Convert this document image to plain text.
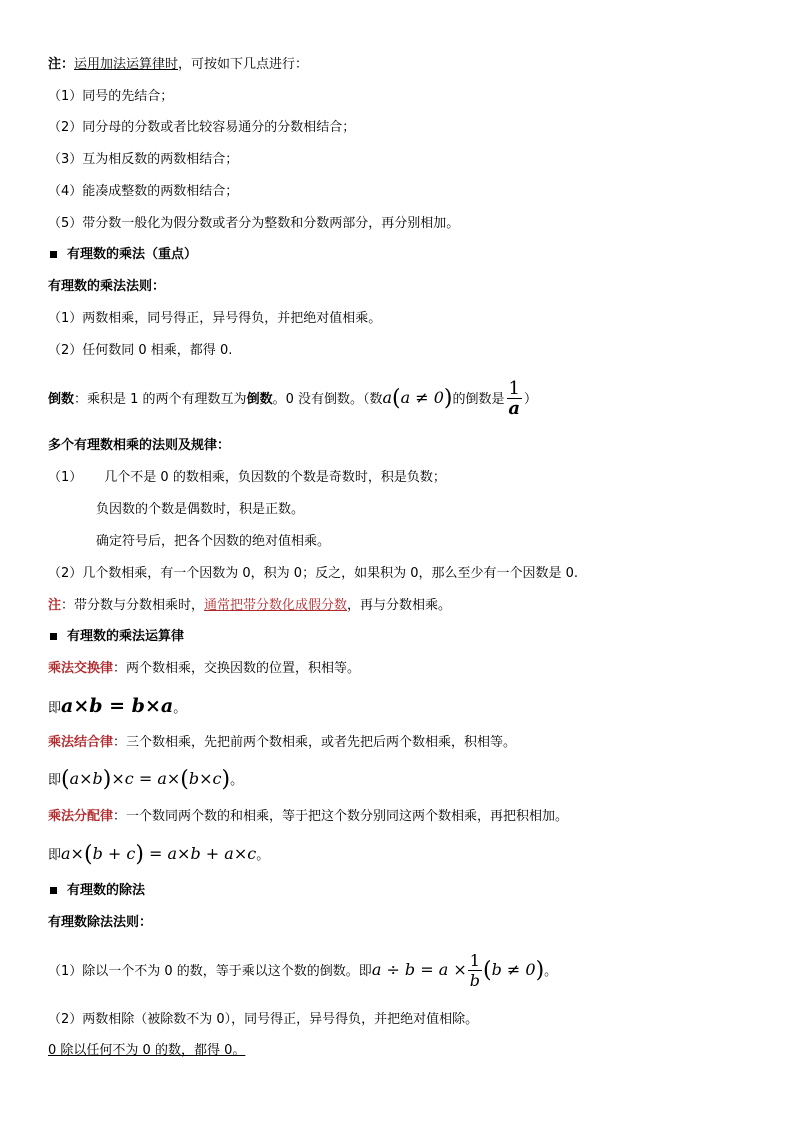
注：运用加法运算律时，可按如下几点进行：
（1）同号的先结合；
（2）同分母的分数或者比较容易通分的分数相结合；
（3）互为相反数的两数相结合；
（4）能凑成整数的两数相结合；
（5）带分数一般化为假分数或者分为整数和分数两部分，再分别相加。
有理数的乘法（重点）
有理数的乘法法则：
（1）两数相乘，同号得正，异号得负，并把绝对值相乘。
（2）任何数同 0 相乘，都得 0.
倒数：乘积是 1 的两个有理数互为倒数。0 没有倒数。（数a(a ≠ 0)的倒数是 $\frac{1}{a}$ ）
多个有理数相乘的法则及规律：
（1） 几个不是 0 的数相乘，负因数的个数是奇数时，积是负数；
负因数的个数是偶数时，积是正数。
确定符号后，把各个因数的绝对值相乘。
（2）几个数相乘，有一个因数为 0，积为 0；反之，如果积为 0，那么至少有一个因数是 0.
注：带分数与分数相乘时，通常把带分数化成假分数，再与分数相乘。
有理数的乘法运算律
乘法交换律：两个数相乘，交换因数的位置，积相等。
即a×b = b×a。
乘法结合律：三个数相乘，先把前两个数相乘，或者先把后两个数相乘，积相等。
即(a×b)×c = a×(b×c)。
乘法分配律：一个数同两个数的和相乘，等于把这个数分别同这两个数相乘，再把积相加。
即a×(b + c) = a×b + a×c。
有理数的除法
有理数除法法则：
（1）除以一个不为 0 的数，等于乘以这个数的倒数。即$a \div b = a \times \frac{1}{b} (b \ne 0)$。
（2）两数相除（被除数不为 0），同号得正，异号得负，并把绝对值相除。
0 除以任何不为 0 的数，都得 0。
